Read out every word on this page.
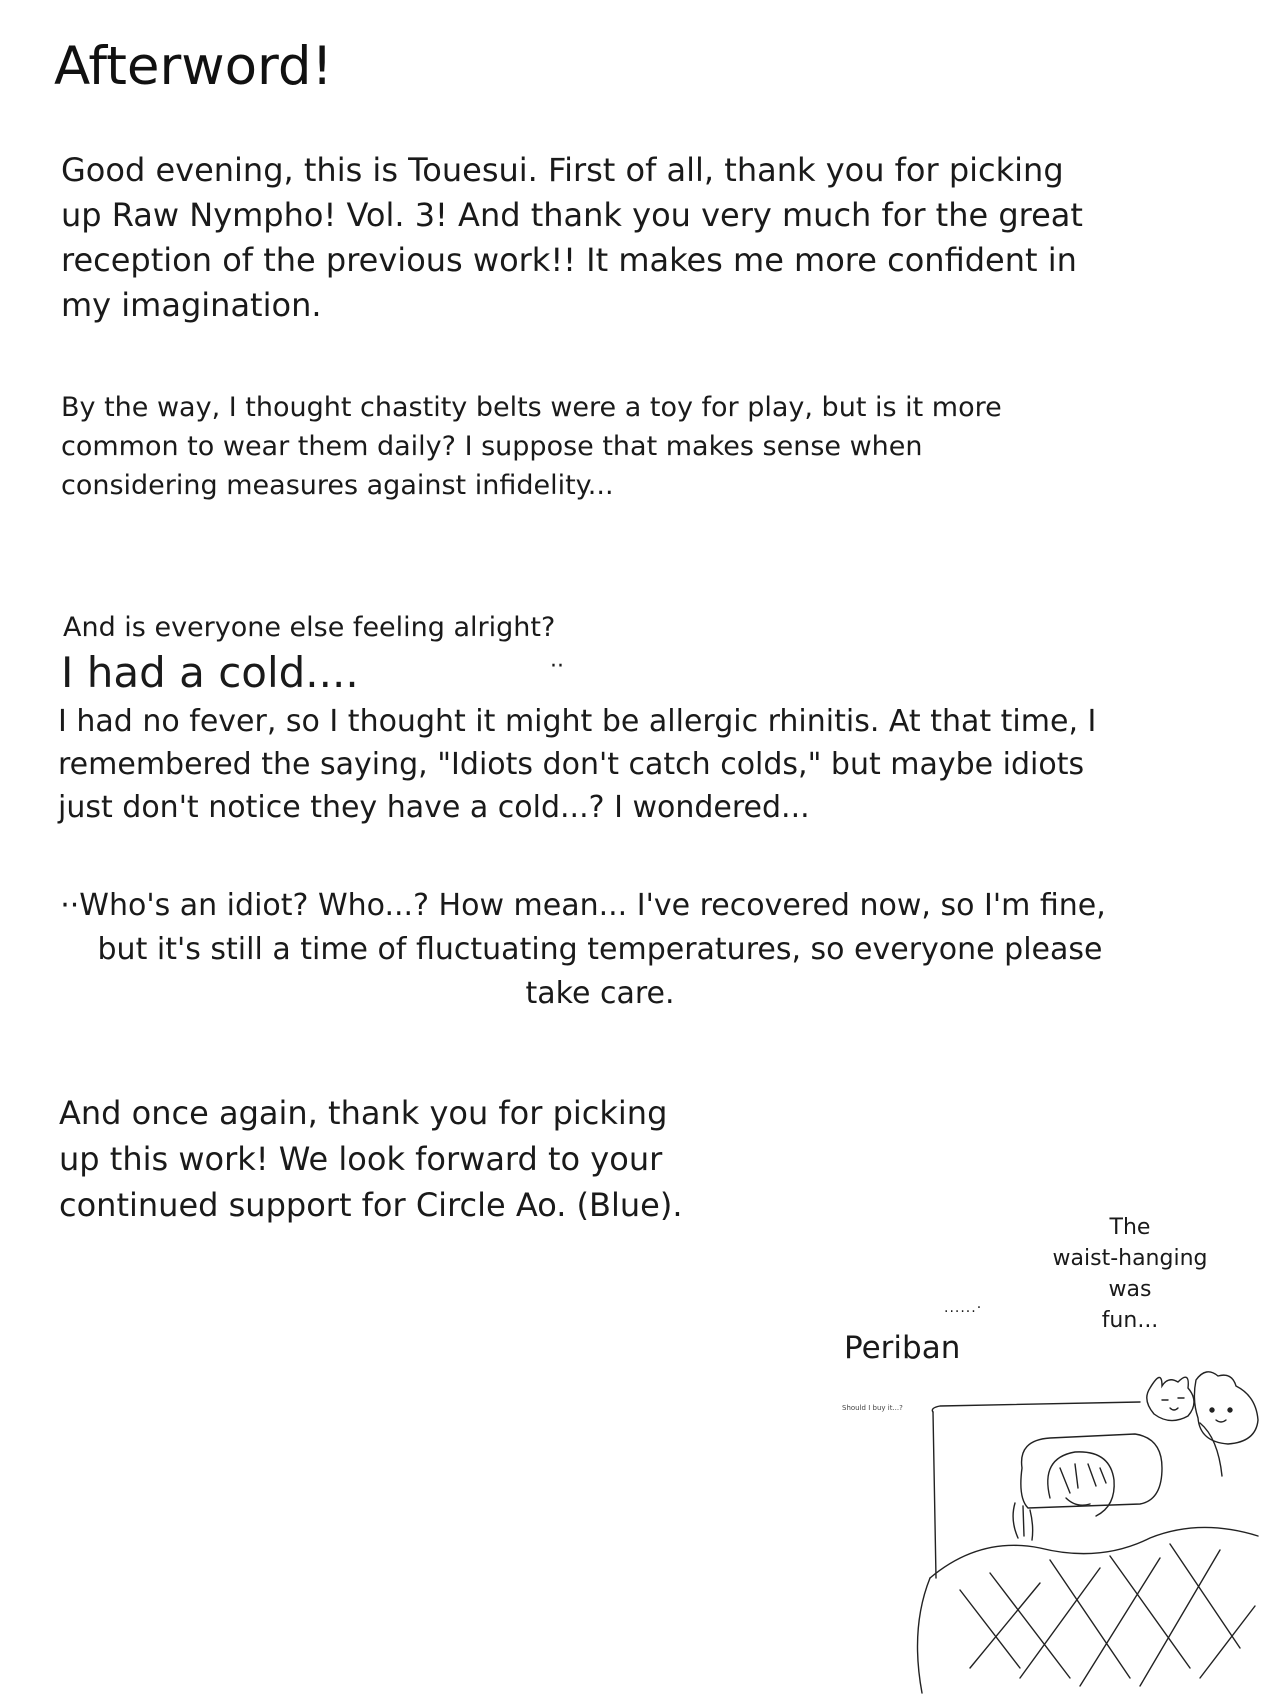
Afterword!
Good evening, this is Touesui. First of all, thank you for picking
up Raw Nympho! Vol. 3! And thank you very much for the great
reception of the previous work!! It makes me more confident in
my imagination.
By the way, I thought chastity belts were a toy for play, but is it more
common to wear them daily? I suppose that makes sense when
considering measures against infidelity...
And is everyone else feeling alright?
I had a cold....	··
I had no fever, so I thought it might be allergic rhinitis. At that time, I
remembered the saying, "Idiots don't catch colds," but maybe idiots
just don't notice they have a cold...? I wondered...
··Who's an idiot? Who...? How mean... I've recovered now, so I'm fine,
but it's still a time of fluctuating temperatures, so everyone please
take care.
And once again, thank you for picking
up this work! We look forward to your
continued support for Circle Ao. (Blue).
The
waist-hanging
was
fun...
......·
Periban
Should I buy it...?
